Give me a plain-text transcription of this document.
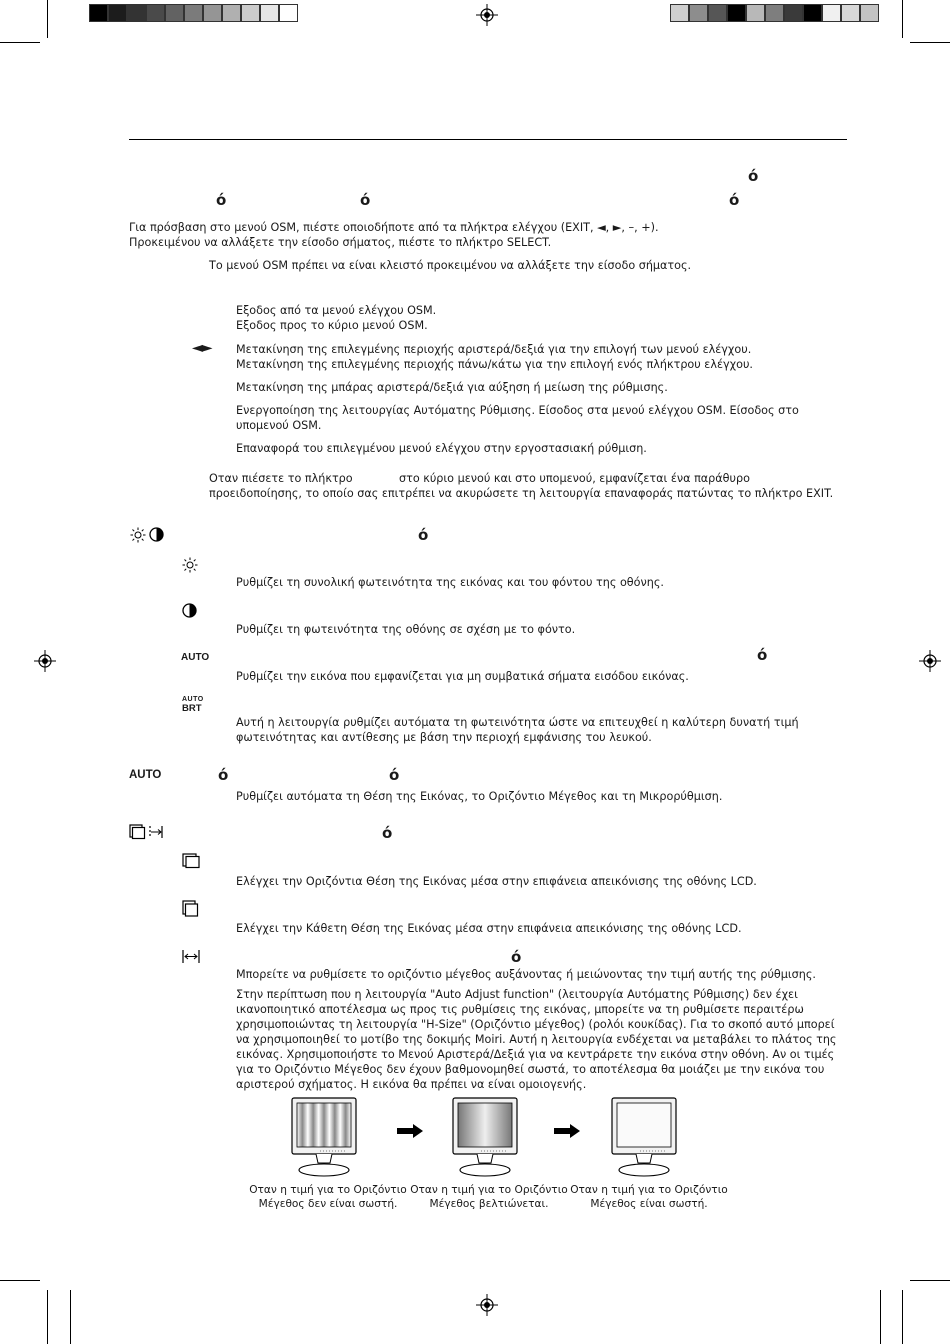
ό
ό	ό	ό
Για πρόσβαση στο μενού OSM, πιέστε οποιοδήποτε από τα πλήκτρα ελέγχου (EXIT, ◄, ►, –, +).
Προκειμένου να αλλάξετε την είσοδο σήματος, πιέστε το πλήκτρο SELECT.
Το μενού OSM πρέπει να είναι κλειστό προκειμένου να αλλάξετε την είσοδο σήματος.
Εξοδος από τα μενού ελέγχου OSM.
Εξοδος προς το κύριο μενού OSM.
◄► Μετακίνηση της επιλεγμένης περιοχής αριστερά/δεξιά για την επιλογή των μενού ελέγχου.
Μετακίνηση της επιλεγμένης περιοχής πάνω/κάτω για την επιλογή ενός πλήκτρου ελέγχου.
Μετακίνηση της μπάρας αριστερά/δεξιά για αύξηση ή μείωση της ρύθμισης.
Ενεργοποίηση της λειτουργίας Αυτόματης Ρύθμισης. Είσοδος στα μενού ελέγχου OSM. Είσοδος στο
υπομενού OSM.
Επαναφορά του επιλεγμένου μενού ελέγχου στην εργοστασιακή ρύθμιση.
Οταν πιέσετε το πλήκτρο	στο κύριο μενού και στο υπομενού, εμφανίζεται ένα παράθυρο
προειδοποίησης, το οποίο σας επιτρέπει να ακυρώσετε τη λειτουργία επαναφοράς πατώντας το πλήκτρο EXIT.
ό
Ρυθμίζει τη συνολική φωτεινότητα της εικόνας και του φόντου της οθόνης.
Ρυθμίζει τη φωτεινότητα της οθόνης σε σχέση με το φόντο.
AUTO	ό
Ρυθμίζει την εικόνα που εμφανίζεται για μη συμβατικά σήματα εισόδου εικόνας.
AUTO
BRT
Αυτή η λειτουργία ρυθμίζει αυτόματα τη φωτεινότητα ώστε να επιτευχθεί η καλύτερη δυνατή τιμή
φωτεινότητας και αντίθεσης με βάση την περιοχή εμφάνισης του λευκού.
AUTO	ό	ό
Ρυθμίζει αυτόματα τη Θέση της Εικόνας, το Οριζόντιο Μέγεθος και τη Μικρορύθμιση.
ό
Ελέγχει την Οριζόντια Θέση της Εικόνας μέσα στην επιφάνεια απεικόνισης της οθόνης LCD.
Ελέγχει την Κάθετη Θέση της Εικόνας μέσα στην επιφάνεια απεικόνισης της οθόνης LCD.
ό
Μπορείτε να ρυθμίσετε το οριζόντιο μέγεθος αυξάνοντας ή μειώνοντας την τιμή αυτής της ρύθμισης.
Στην περίπτωση που η λειτουργία "Auto Adjust function" (λειτουργία Αυτόματης Ρύθμισης) δεν έχει
ικανοποιητικό αποτέλεσμα ως προς τις ρυθμίσεις της εικόνας, μπορείτε να τη ρυθμίσετε περαιτέρω
χρησιμοποιώντας τη λειτουργία "H-Size" (Οριζόντιο μέγεθος) (ρολόι κουκίδας). Για το σκοπό αυτό μπορεί
να χρησιμοποιηθεί το μοτίβο της δοκιμής Moiri. Αυτή η λειτουργία ενδέχεται να μεταβάλει το πλάτος της
εικόνας. Χρησιμοποιήστε το Μενού Αριστερά/Δεξιά για να κεντράρετε την εικόνα στην οθόνη. Αν οι τιμές
για το Οριζόντιο Μέγεθος δεν έχουν βαθμονομηθεί σωστά, το αποτέλεσμα θα μοιάζει με την εικόνα του
αριστερού σχήματος. Η εικόνα θα πρέπει να είναι ομοιογενής.
Οταν η τιμή για το Οριζόντιο
Μέγεθος δεν είναι σωστή.
Οταν η τιμή για το Οριζόντιο
Μέγεθος βελτιώνεται.
Οταν η τιμή για το Οριζόντιο
Μέγεθος είναι σωστή.
